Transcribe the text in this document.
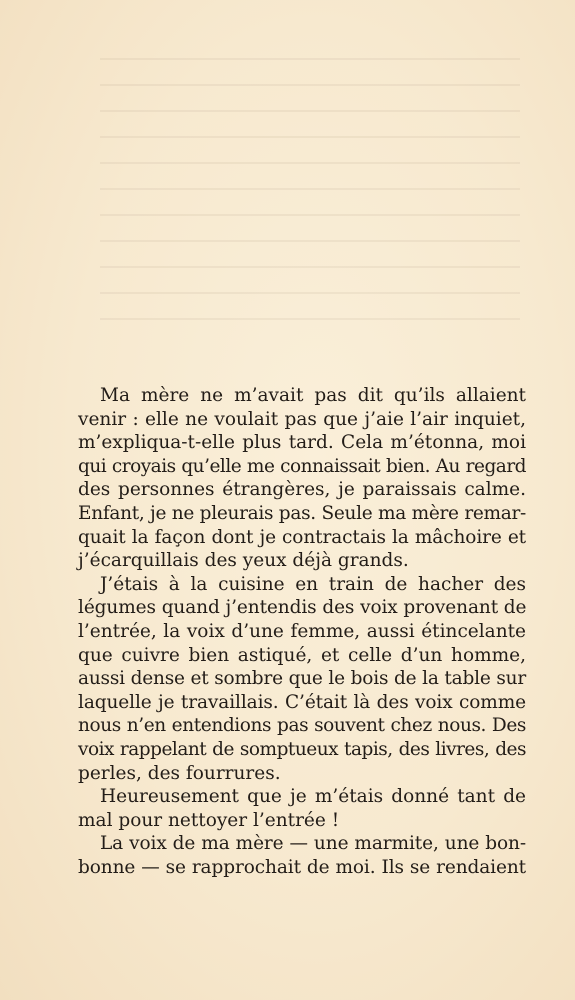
Ma mère ne m’avait pas dit qu’ils allaient
venir : elle ne voulait pas que j’aie l’air inquiet,
m’expliqua-t-elle plus tard. Cela m’étonna, moi
qui croyais qu’elle me connaissait bien. Au regard
des personnes étrangères, je paraissais calme.
Enfant, je ne pleurais pas. Seule ma mère remar-
quait la façon dont je contractais la mâchoire et
j’écarquillais des yeux déjà grands.
J’étais à la cuisine en train de hacher des
légumes quand j’entendis des voix provenant de
l’entrée, la voix d’une femme, aussi étincelante
que cuivre bien astiqué, et celle d’un homme,
aussi dense et sombre que le bois de la table sur
laquelle je travaillais. C’était là des voix comme
nous n’en entendions pas souvent chez nous. Des
voix rappelant de somptueux tapis, des livres, des
perles, des fourrures.
Heureusement que je m’étais donné tant de
mal pour nettoyer l’entrée !
La voix de ma mère — une marmite, une bon-
bonne — se rapprochait de moi. Ils se rendaient
